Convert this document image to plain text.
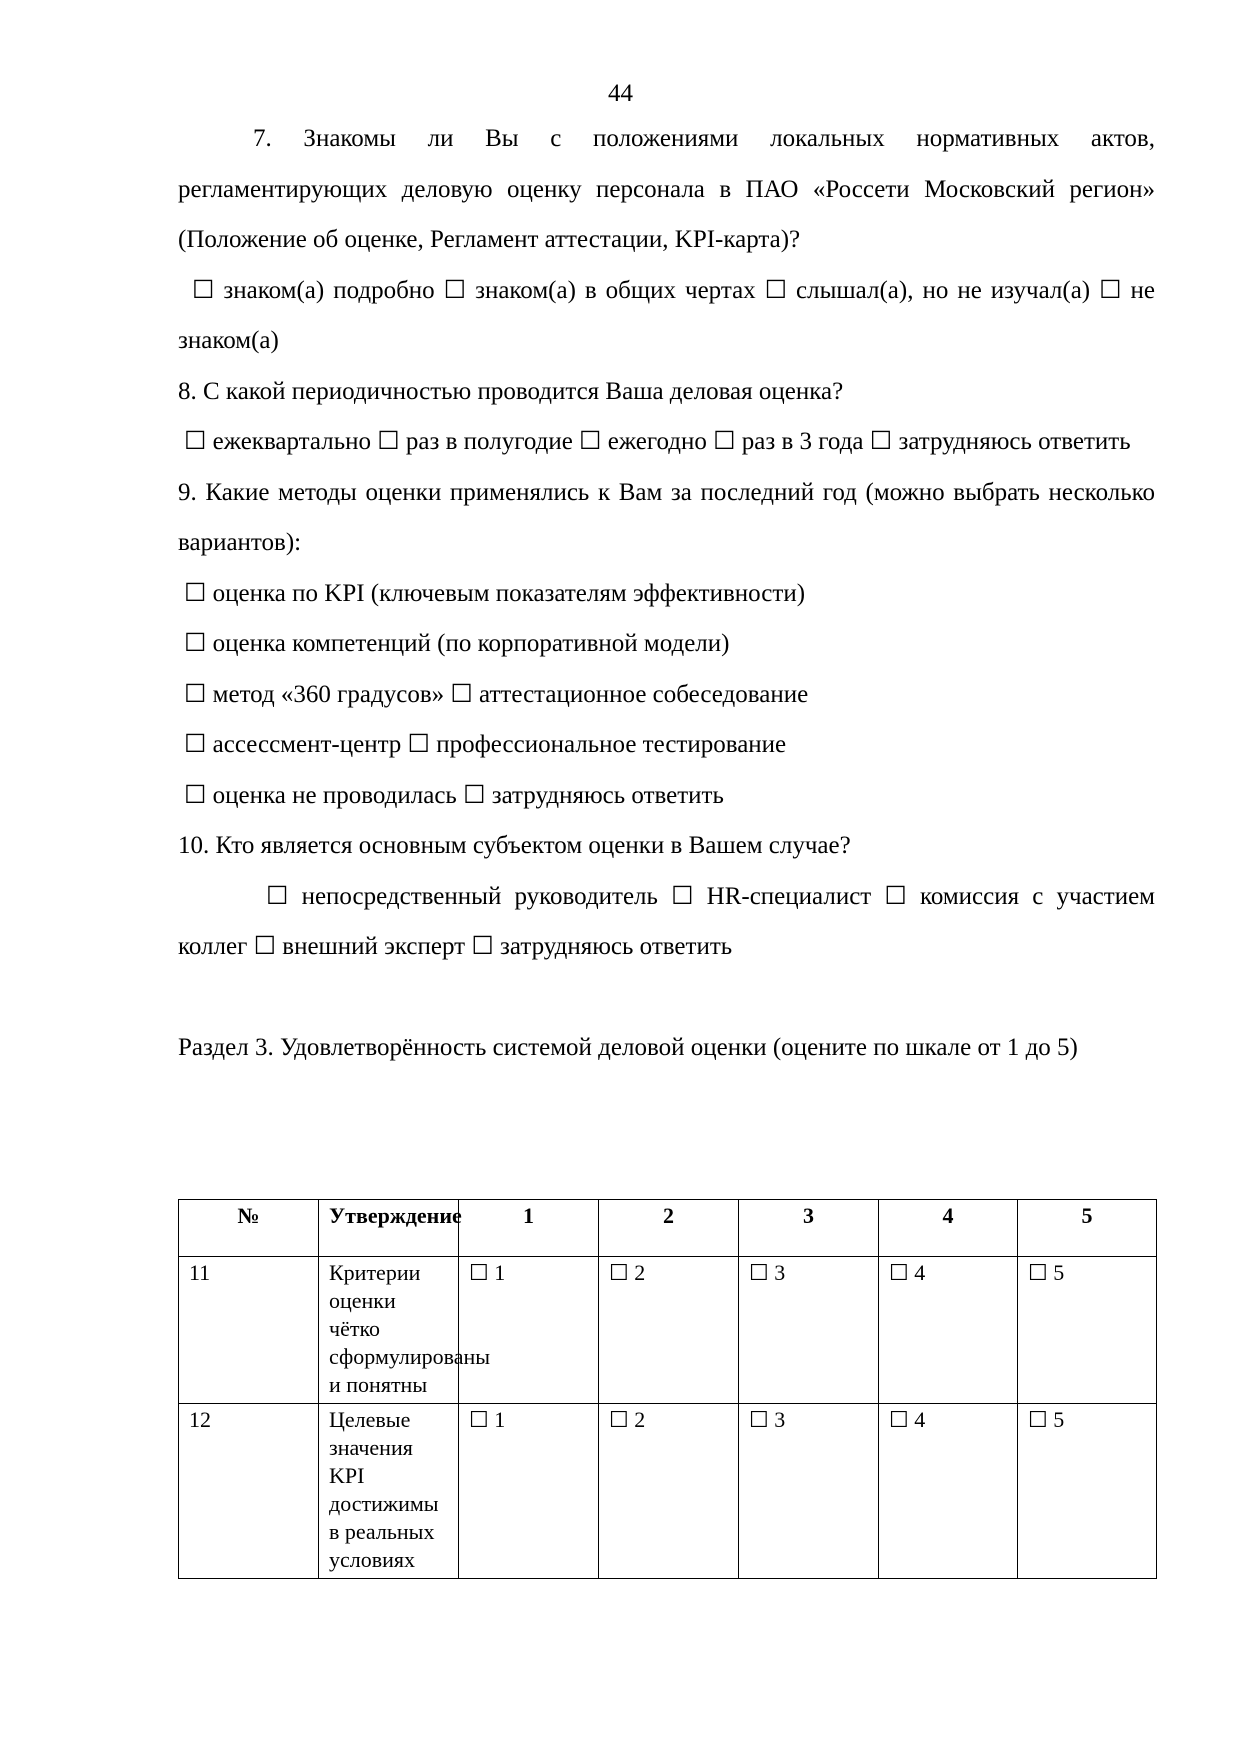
44

7. Знакомы ли Вы с положениями локальных нормативных актов, регламентирующих деловую оценку персонала в ПАО «Россети Московский регион» (Положение об оценке, Регламент аттестации, KPI-карта)?

☐ знаком(а) подробно ☐ знаком(а) в общих чертах ☐ слышал(а), но не изучал(а) ☐ не знаком(а)

8. С какой периодичностью проводится Ваша деловая оценка?

☐ ежеквартально ☐ раз в полугодие ☐ ежегодно ☐ раз в 3 года ☐ затрудняюсь ответить

9. Какие методы оценки применялись к Вам за последний год (можно выбрать несколько вариантов):

☐ оценка по KPI (ключевым показателям эффективности)

☐ оценка компетенций (по корпоративной модели)

☐ метод «360 градусов» ☐ аттестационное собеседование

☐ ассессмент-центр ☐ профессиональное тестирование

☐ оценка не проводилась ☐ затрудняюсь ответить

10. Кто является основным субъектом оценки в Вашем случае?

☐ непосредственный руководитель ☐ HR-специалист ☐ комиссия с участием коллег ☐ внешний эксперт ☐ затрудняюсь ответить

Раздел 3. Удовлетворённость системой деловой оценки (оцените по шкале от 1 до 5)

№	Утверждение	1	2	3	4	5
11	Критерии оценки чётко сформулированы и понятны	☐ 1	☐ 2	☐ 3	☐ 4	☐ 5
12	Целевые значения KPI достижимы в реальных условиях	☐ 1	☐ 2	☐ 3	☐ 4	☐ 5
